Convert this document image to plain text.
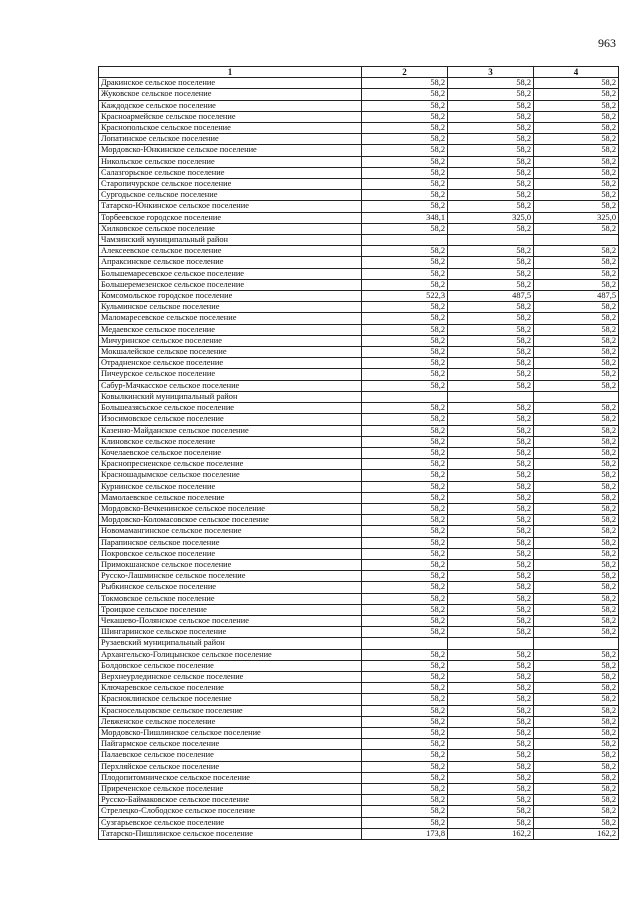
963
1	2	3	4
Дракинское сельское поселение	58,2	58,2	58,2
Жуковское сельское поселение	58,2	58,2	58,2
Каждодское сельское поселение	58,2	58,2	58,2
Красноармейское сельское поселение	58,2	58,2	58,2
Краснопольское сельское поселение	58,2	58,2	58,2
Лопатинское сельское поселение	58,2	58,2	58,2
Мордовско-Юнкинское сельское поселение	58,2	58,2	58,2
Никольское сельское поселение	58,2	58,2	58,2
Салазгорьское сельское поселение	58,2	58,2	58,2
Старопичурское сельское поселение	58,2	58,2	58,2
Сургодьское сельское поселение	58,2	58,2	58,2
Татарско-Юнкинское сельское поселение	58,2	58,2	58,2
Торбеевское городское поселение	348,1	325,0	325,0
Хилковское сельское поселение	58,2	58,2	58,2
Чамзинский муниципальный район			
Алексеевское сельское поселение	58,2	58,2	58,2
Апраксинское сельское поселение	58,2	58,2	58,2
Большемаресевское сельское поселение	58,2	58,2	58,2
Большеремезенское сельское поселение	58,2	58,2	58,2
Комсомольское городское поселение	522,3	487,5	487,5
Кульминское сельское поселение	58,2	58,2	58,2
Маломаресевское сельское поселение	58,2	58,2	58,2
Медаевское сельское поселение	58,2	58,2	58,2
Мичуринское сельское поселение	58,2	58,2	58,2
Мокшалейское сельское поселение	58,2	58,2	58,2
Отрадненское сельское поселение	58,2	58,2	58,2
Пичеурское сельское поселение	58,2	58,2	58,2
Сабур-Мачкасское сельское поселение	58,2	58,2	58,2
Ковылкинский муниципальный район			
Большеазясьское сельское поселение	58,2	58,2	58,2
Изосимовское сельское поселение	58,2	58,2	58,2
Казенно-Майданское сельское поселение	58,2	58,2	58,2
Клиновское сельское поселение	58,2	58,2	58,2
Кочелаевское сельское поселение	58,2	58,2	58,2
Краснопресненское сельское поселение	58,2	58,2	58,2
Красношадымское сельское поселение	58,2	58,2	58,2
Курнинское сельское поселение	58,2	58,2	58,2
Мамолаевское сельское поселение	58,2	58,2	58,2
Мордовско-Вечкенинское сельское поселение	58,2	58,2	58,2
Мордовско-Коломасовское сельское поселение	58,2	58,2	58,2
Новомамангинское сельское поселение	58,2	58,2	58,2
Парапинское сельское поселение	58,2	58,2	58,2
Покровское сельское поселение	58,2	58,2	58,2
Примокшанское сельское поселение	58,2	58,2	58,2
Русско-Лашминское сельское поселение	58,2	58,2	58,2
Рыбкинское сельское поселение	58,2	58,2	58,2
Токмовское сельское поселение	58,2	58,2	58,2
Троицкое сельское поселение	58,2	58,2	58,2
Чекашево-Полянское сельское поселение	58,2	58,2	58,2
Шингаринское сельское поселение	58,2	58,2	58,2
Рузаевский муниципальный район			
Архангельско-Голицынское сельское поселение	58,2	58,2	58,2
Болдовское сельское поселение	58,2	58,2	58,2
Верхнеурлединское сельское поселение	58,2	58,2	58,2
Ключаревское сельское поселение	58,2	58,2	58,2
Красноклинское сельское поселение	58,2	58,2	58,2
Красносельцовское сельское поселение	58,2	58,2	58,2
Левженское сельское поселение	58,2	58,2	58,2
Мордовско-Пишлинское сельское поселение	58,2	58,2	58,2
Пайгармское сельское поселение	58,2	58,2	58,2
Палаевское сельское поселение	58,2	58,2	58,2
Перхляйское сельское поселение	58,2	58,2	58,2
Плодопитомническое сельское поселение	58,2	58,2	58,2
Приреченское сельское поселение	58,2	58,2	58,2
Русско-Баймаковское сельское поселение	58,2	58,2	58,2
Стрелецко-Слободское сельское поселение	58,2	58,2	58,2
Сузгарьевское сельское поселение	58,2	58,2	58,2
Татарско-Пишлинское сельское поселение	173,8	162,2	162,2
